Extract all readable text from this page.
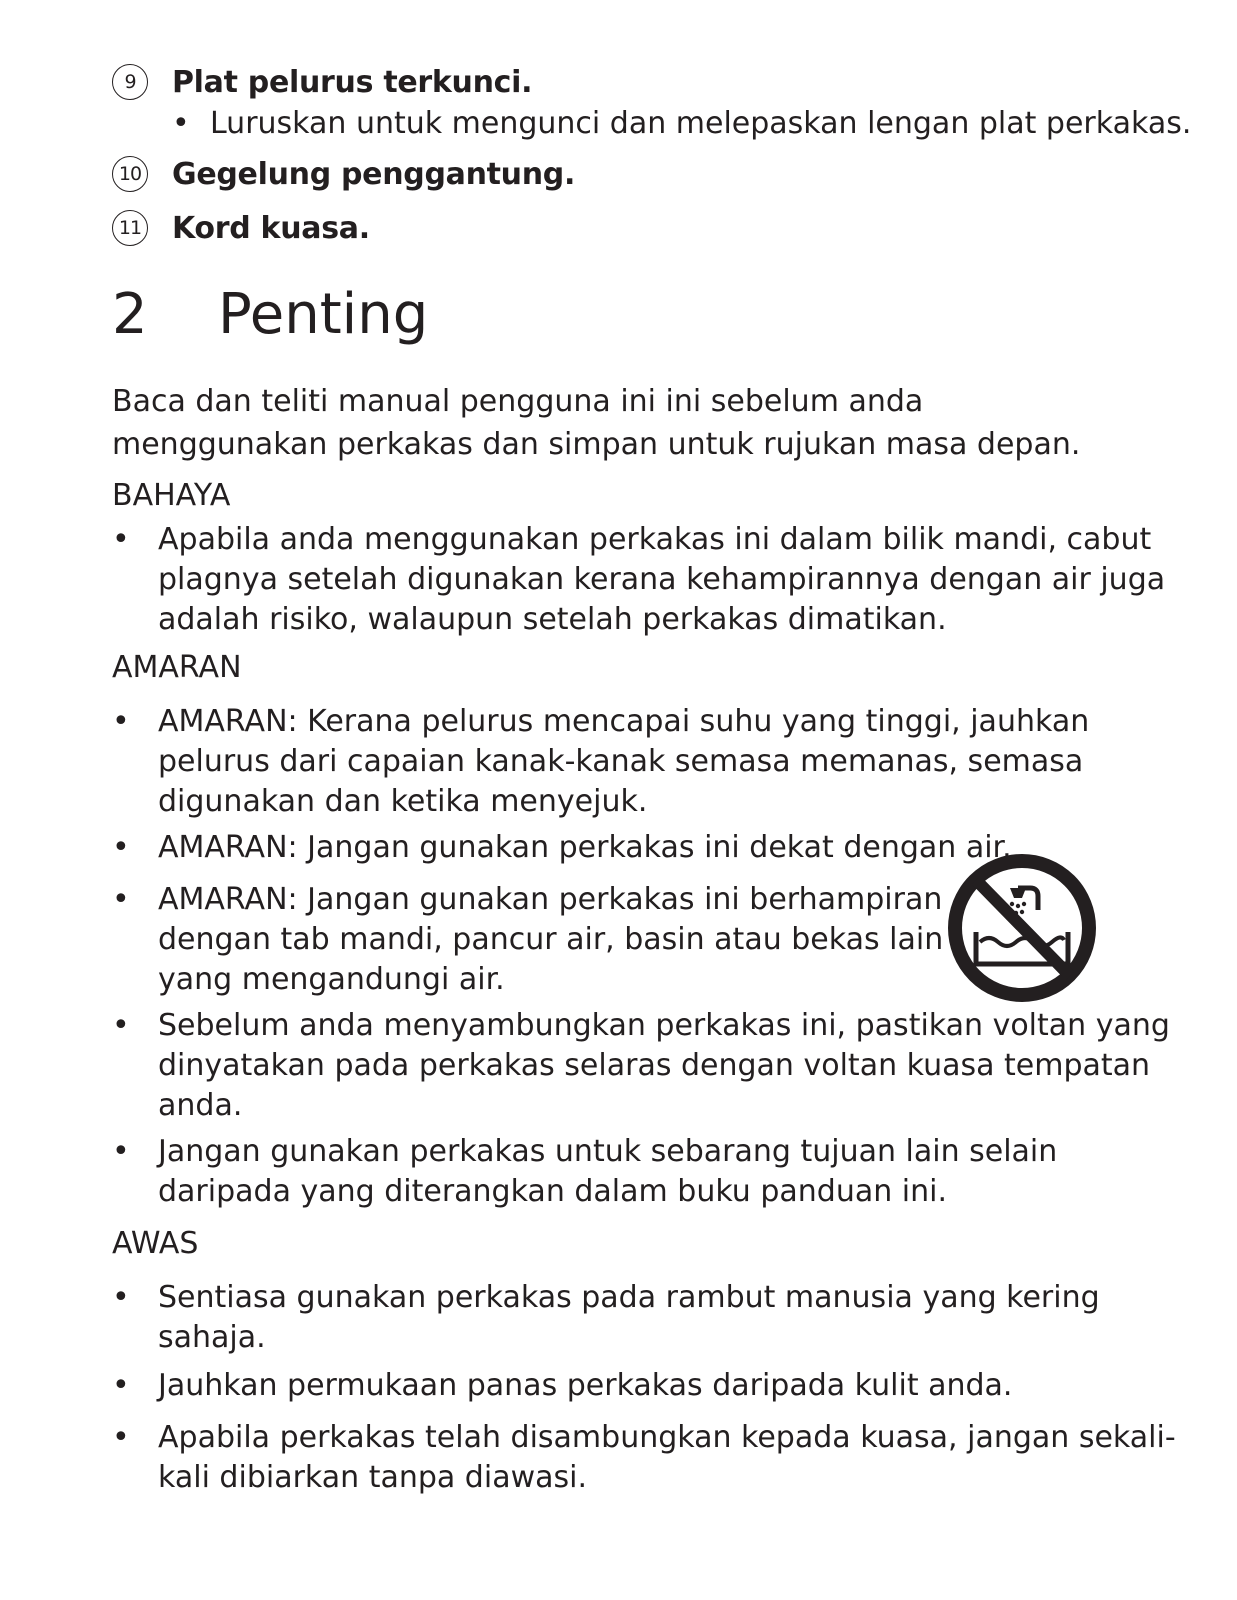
9	Plat pelurus terkunci.
• Luruskan untuk mengunci dan melepaskan lengan plat perkakas.
10 Gegelung penggantung.
11 Kord kuasa.
2	Penting
Baca dan teliti manual pengguna ini ini sebelum anda menggunakan perkakas dan simpan untuk rujukan masa depan.
BAHAYA
• Apabila anda menggunakan perkakas ini dalam bilik mandi, cabut
plagnya setelah digunakan kerana kehampirannya dengan air juga
adalah risiko, walaupun setelah perkakas dimatikan.
AMARAN
• AMARAN: Kerana pelurus mencapai suhu yang tinggi, jauhkan
pelurus dari capaian kanak-kanak semasa memanas, semasa
digunakan dan ketika menyejuk.
• AMARAN: Jangan gunakan perkakas ini dekat dengan air.
• AMARAN: Jangan gunakan perkakas ini berhampiran
dengan tab mandi, pancur air, basin atau bekas lain
yang mengandungi air.
• Sebelum anda menyambungkan perkakas ini, pastikan voltan yang
dinyatakan pada perkakas selaras dengan voltan kuasa tempatan
anda.
• Jangan gunakan perkakas untuk sebarang tujuan lain selain
daripada yang diterangkan dalam buku panduan ini.
AWAS
• Sentiasa gunakan perkakas pada rambut manusia yang kering
sahaja.
• Jauhkan permukaan panas perkakas daripada kulit anda.
• Apabila perkakas telah disambungkan kepada kuasa, jangan sekali-
kali dibiarkan tanpa diawasi.
